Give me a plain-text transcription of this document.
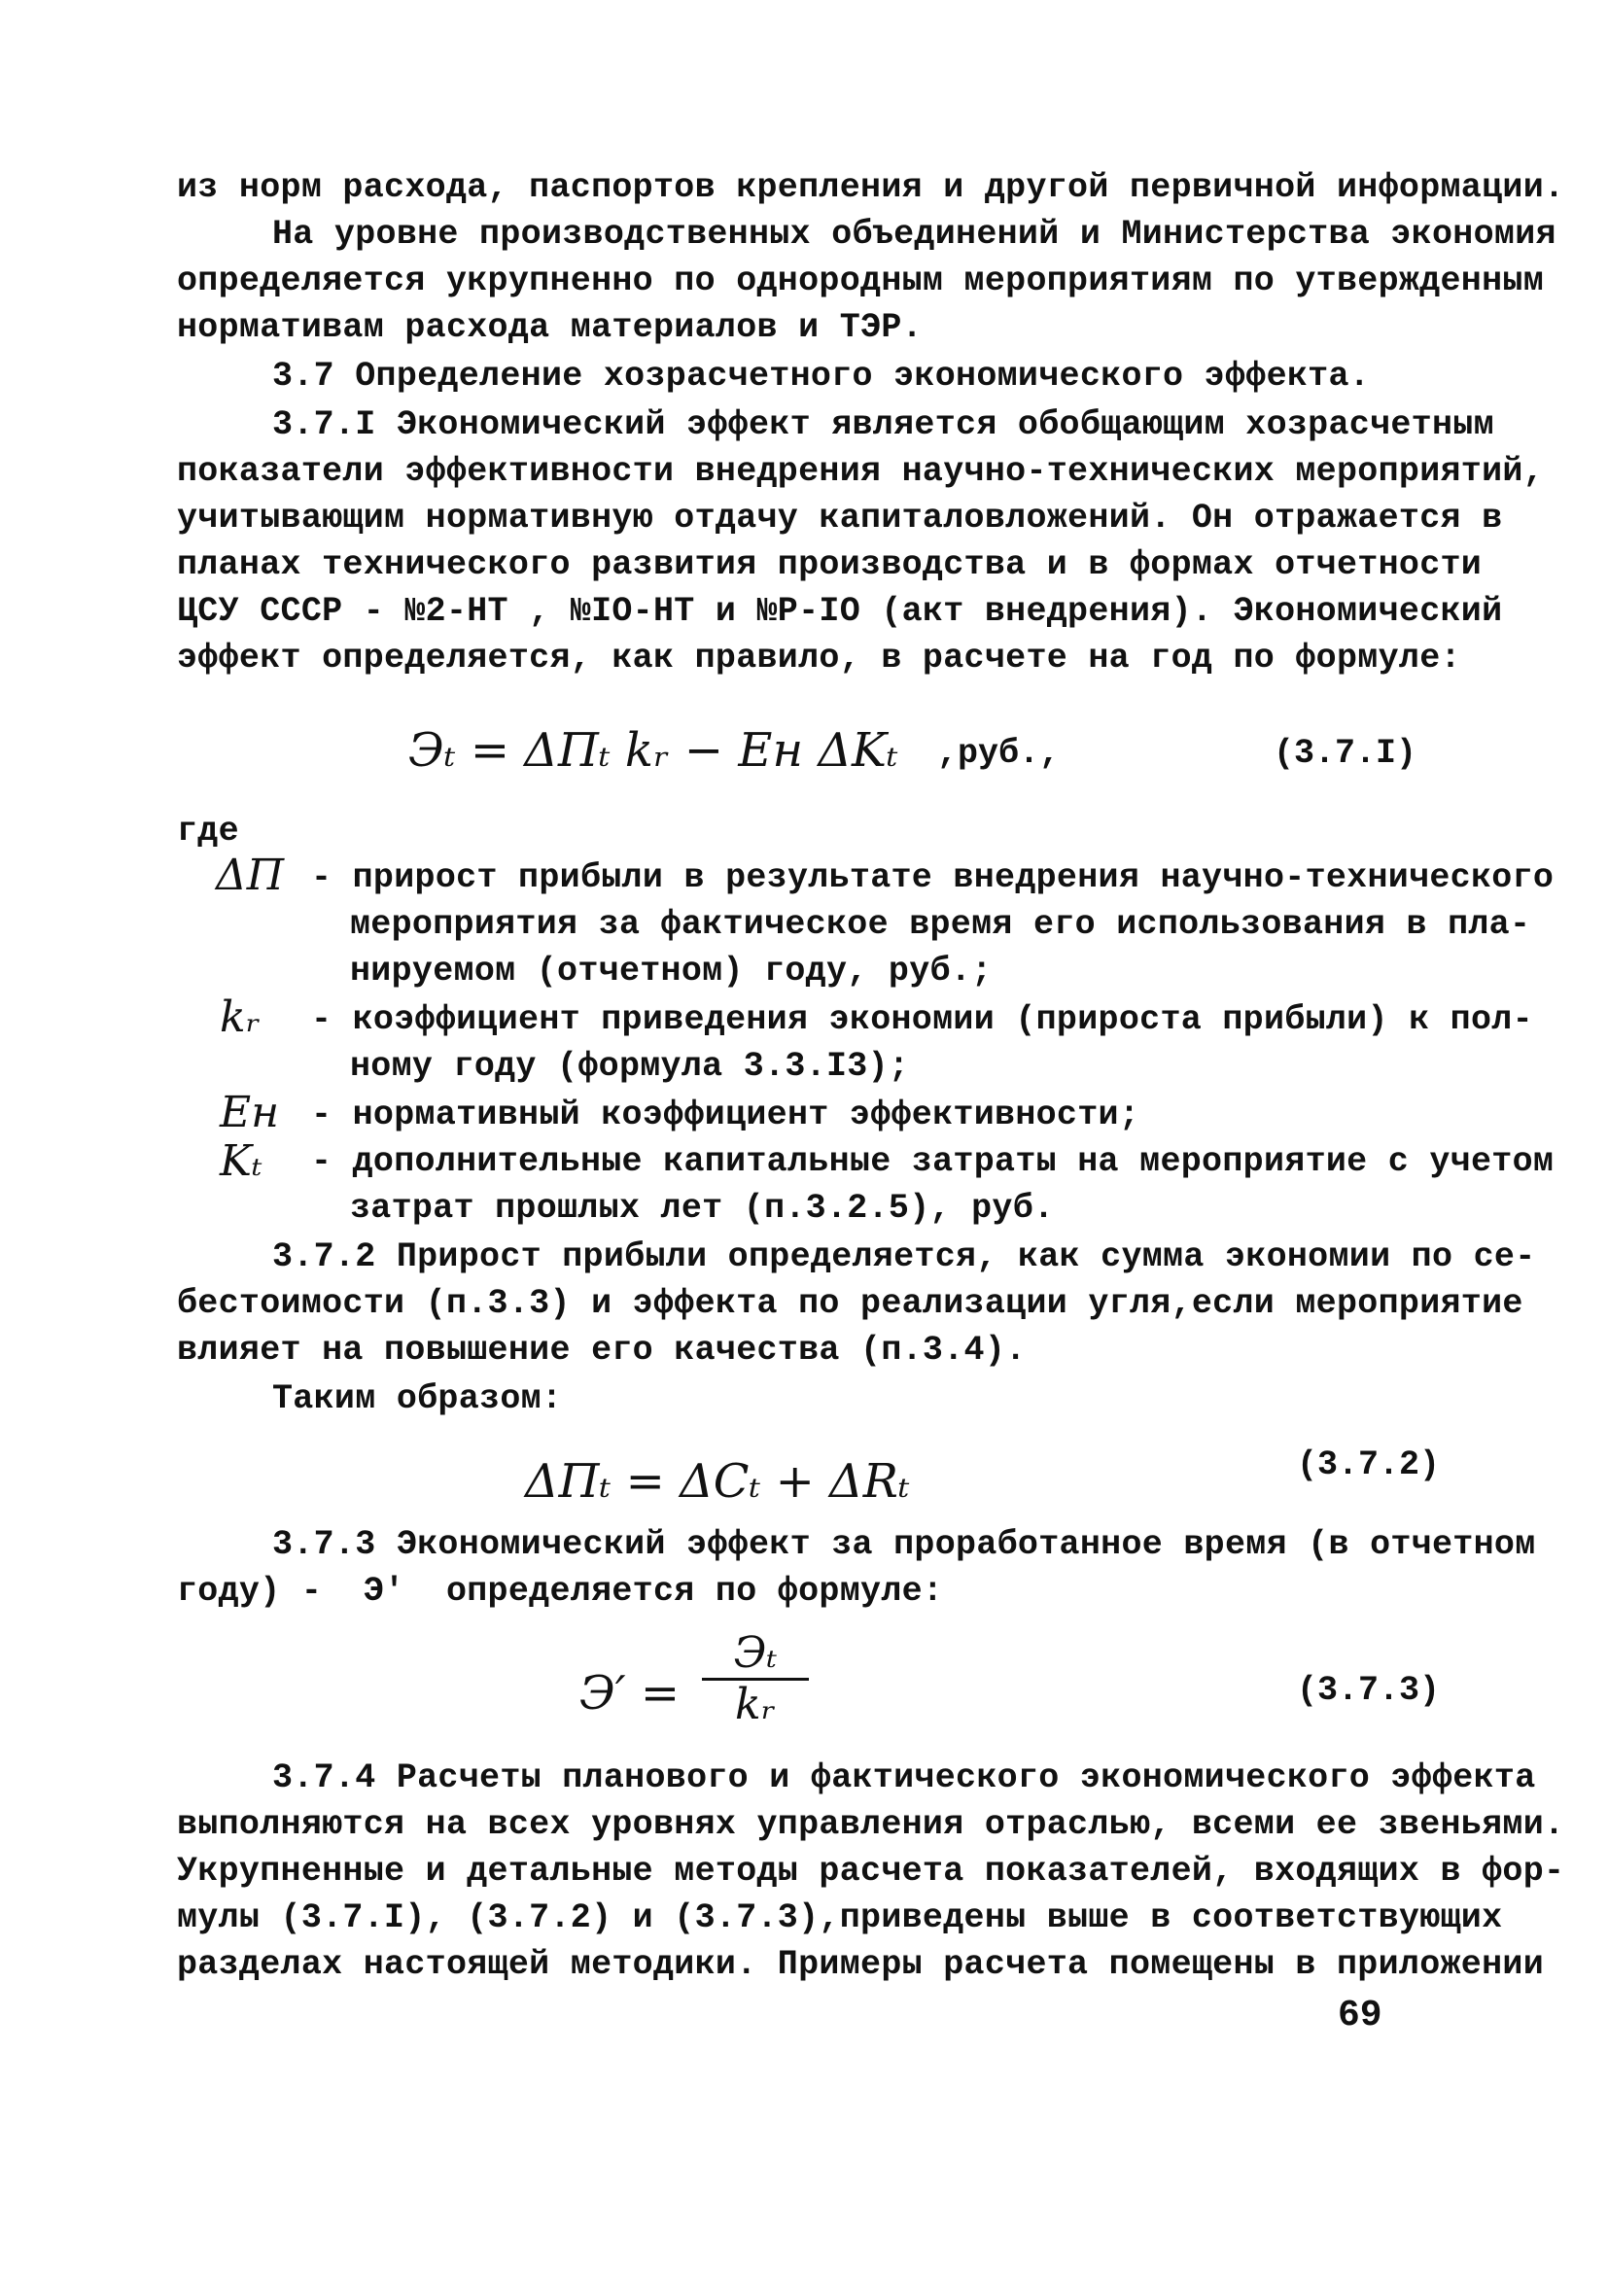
из норм расхода, паспортов крепления и другой первичной информации.
На уровне производственных объединений и Министерства экономия
определяется укрупненно по однородным мероприятиям по утвержденным
нормативам расхода материалов и ТЭР.
3.7 Определение хозрасчетного экономического эффекта.
3.7.I Экономический эффект является обобщающим хозрасчетным
показатели эффективности внедрения научно-технических мероприятий,
учитывающим нормативную отдачу капиталовложений. Он отражается в
планах технического развития производства и в формах отчетности
ЦСУ СССР - №2-НТ , №IO-НТ и №Р-IO (акт внедрения). Экономический
эффект определяется, как правило, в расчете на год по формуле:
Эₜ = ΔПₜ kᵣ − Eн ΔKₜ ,руб.,	(3.7.I)
где
ΔП - прирост прибыли в результате внедрения научно-технического
мероприятия за фактическое время его использования в пла-
нируемом (отчетном) году, руб.;
kᵣ - коэффициент приведения экономии (прироста прибыли) к пол-
ному году (формула 3.3.I3);
Eн - нормативный коэффициент эффективности;
Kₜ - дополнительные капитальные затраты на мероприятие с учетом
затрат прошлых лет (п.3.2.5), руб.
3.7.2 Прирост прибыли определяется, как сумма экономии по се-
бестоимости (п.3.3) и эффекта по реализации угля,если мероприятие
влияет на повышение его качества (п.3.4).
Таким образом:
ΔПₜ = ΔCₜ + ΔRₜ	(3.7.2)
3.7.3 Экономический эффект за проработанное время (в отчетном
году) -  Э′  определяется по формуле:
Э′ =
Эₜ
kᵣ	(3.7.3)
3.7.4 Расчеты планового и фактического экономического эффекта
выполняются на всех уровнях управления отраслью, всеми ее звеньями.
Укрупненные и детальные методы расчета показателей, входящих в фор-
мулы (3.7.I), (3.7.2) и (3.7.3),приведены выше в соответствующих
разделах настоящей методики. Примеры расчета помещены в приложении
69
